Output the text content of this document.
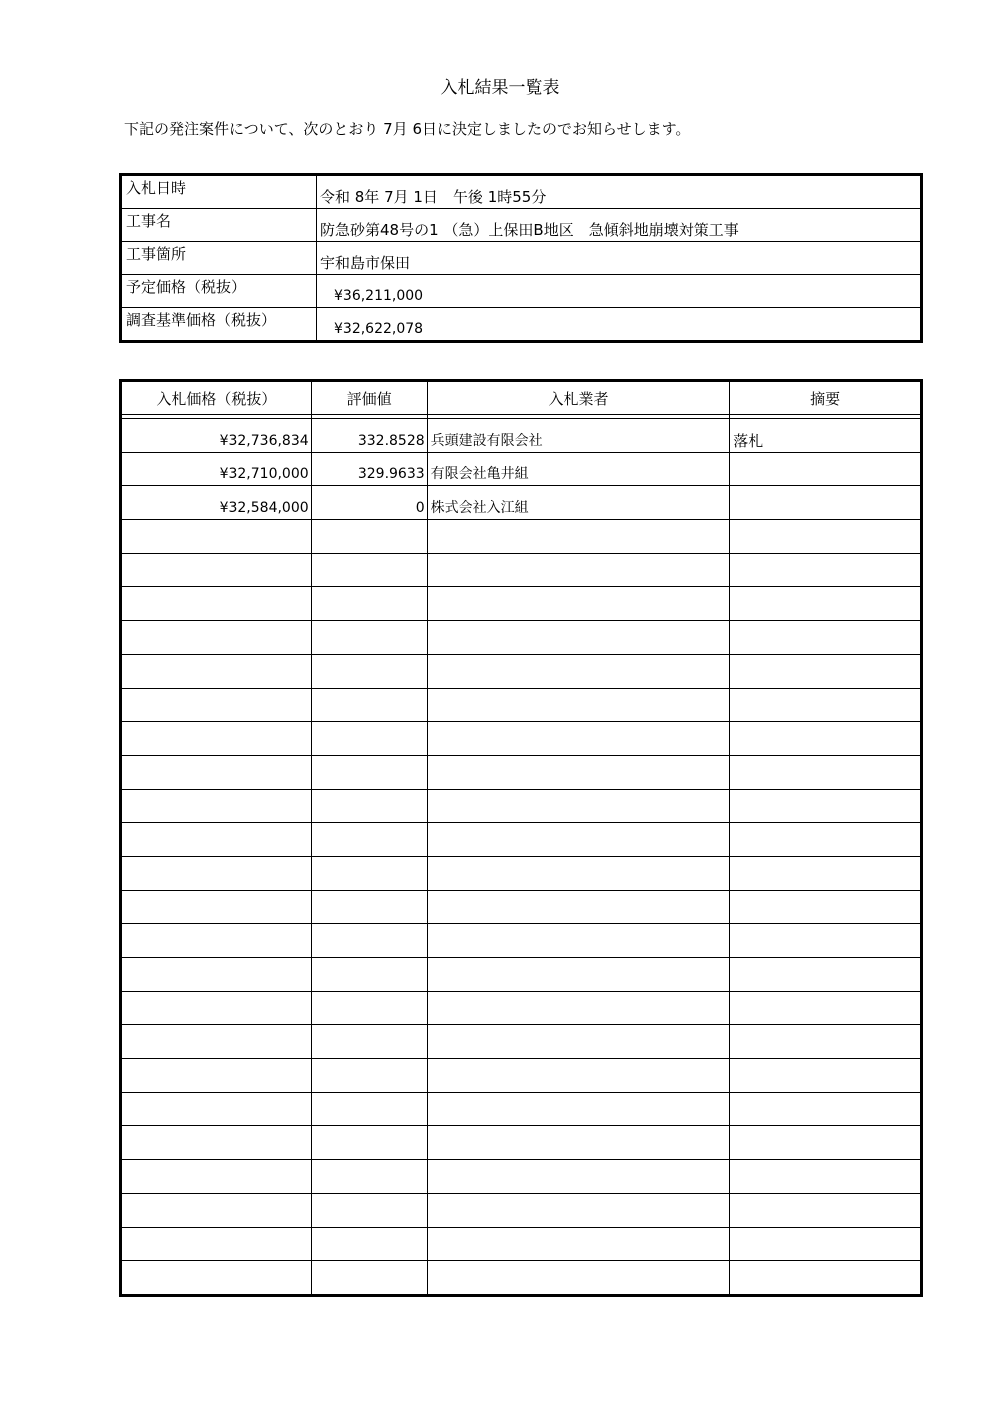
入札結果一覧表
下記の発注案件について、次のとおり 7月 6日に決定しましたのでお知らせします。
入札日時	令和 8年 7月 1日　午後 1時55分
工事名	防急砂第48号の1 （急）上保田B地区　急傾斜地崩壊対策工事
工事箇所	宇和島市保田
予定価格（税抜）	¥36,211,000
調査基準価格（税抜）	¥32,622,078
入札価格（税抜）	評価値	入札業者	摘要

¥32,736,834	332.8528	兵頭建設有限会社	落札
¥32,710,000	329.9633	有限会社亀井組	
¥32,584,000	0	株式会社入江組	
